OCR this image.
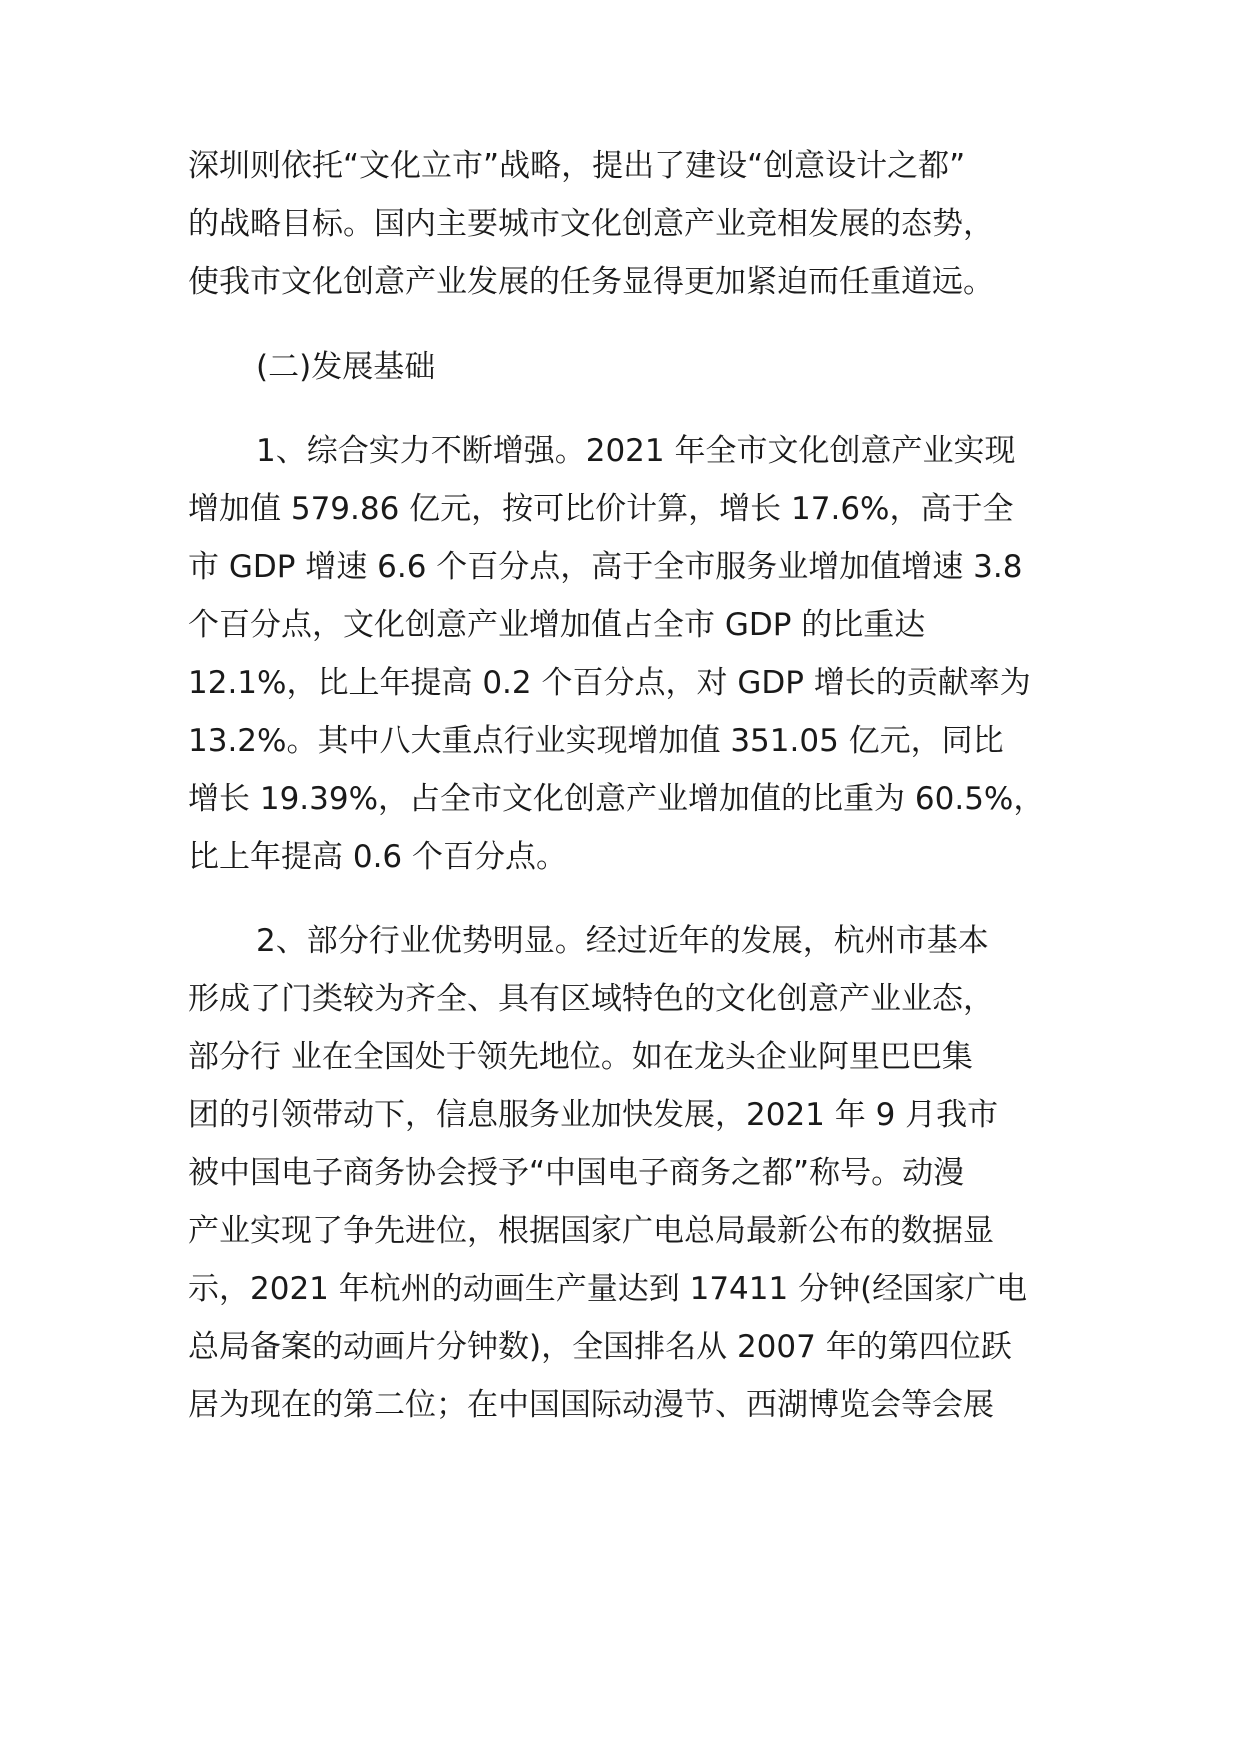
深圳则依托“文化立市”战略，提出了建设“创意设计之都”
的战略目标。国内主要城市文化创意产业竞相发展的态势，
使我市文化创意产业发展的任务显得更加紧迫而任重道远。
(二)发展基础
1、综合实力不断增强。2021 年全市文化创意产业实现
增加值 579.86 亿元，按可比价计算，增长 17.6%，高于全
市 GDP 增速 6.6 个百分点，高于全市服务业增加值增速 3.8
个百分点，文化创意产业增加值占全市 GDP 的比重达
12.1%，比上年提高 0.2 个百分点，对 GDP 增长的贡献率为
13.2%。其中八大重点行业实现增加值 351.05 亿元，同比
增长 19.39%，占全市文化创意产业增加值的比重为 60.5%，
比上年提高 0.6 个百分点。
2、部分行业优势明显。经过近年的发展，杭州市基本
形成了门类较为齐全、具有区域特色的文化创意产业业态，
部分行 业在全国处于领先地位。如在龙头企业阿里巴巴集
团的引领带动下，信息服务业加快发展，2021 年 9 月我市
被中国电子商务协会授予“中国电子商务之都”称号。动漫
产业实现了争先进位，根据国家广电总局最新公布的数据显
示，2021 年杭州的动画生产量达到 17411 分钟(经国家广电
总局备案的动画片分钟数)，全国排名从 2007 年的第四位跃
居为现在的第二位；在中国国际动漫节、西湖博览会等会展
